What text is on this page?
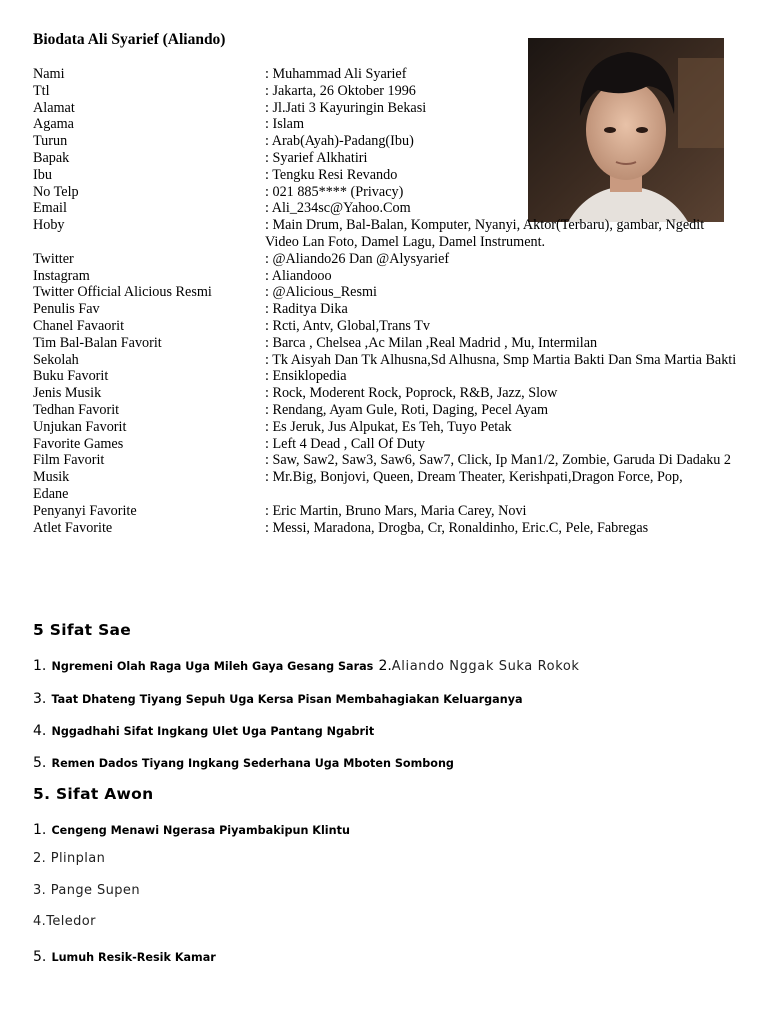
Biodata Ali Syarief (Aliando)
Nami	: Muhammad Ali Syarief
Ttl	: Jakarta, 26 Oktober 1996
Alamat	: Jl.Jati 3 Kayuringin Bekasi
Agama	: Islam
Turun	: Arab(Ayah)-Padang(Ibu)
Bapak	: Syarief Alkhatiri
Ibu	: Tengku Resi Revando
No Telp	: 021 885**** (Privacy)
Email	: Ali_234sc@Yahoo.Com
Hoby	: Main Drum, Bal-Balan, Komputer, Nyanyi, Aktor(Terbaru), gambar, Ngedit Video Lan Foto, Damel Lagu, Damel Instrument.
Twitter	: @Aliando26 Dan @Alysyarief
Instagram	: Aliandooo
Twitter Official Alicious Resmi	: @Alicious_Resmi
Penulis Fav	: Raditya Dika
Chanel Favaorit	: Rcti, Antv, Global,Trans Tv
Tim Bal-Balan Favorit	: Barca , Chelsea ,Ac Milan ,Real Madrid , Mu, Intermilan
Sekolah	: Tk Aisyah Dan Tk Alhusna,Sd Alhusna, Smp Martia Bakti Dan Sma Martia Bakti
Buku Favorit	: Ensiklopedia
Jenis Musik	: Rock, Moderent Rock, Poprock, R&B, Jazz, Slow
Tedhan Favorit	: Rendang, Ayam Gule, Roti, Daging, Pecel Ayam
Unjukan Favorit	: Es Jeruk, Jus Alpukat, Es Teh, Tuyo Petak
Favorite Games	: Left 4 Dead , Call Of Duty
Film Favorit	: Saw, Saw2, Saw3, Saw6, Saw7, Click, Ip Man1/2, Zombie, Garuda Di Dadaku 2
Musik	: Mr.Big, Bonjovi, Queen, Dream Theater, Kerishpati,Dragon Force, Pop,
Edane
Penyanyi Favorite	: Eric Martin, Bruno Mars, Maria Carey, Novi
Atlet Favorite	: Messi, Maradona, Drogba, Cr, Ronaldinho, Eric.C, Pele, Fabregas
5 Sifat Sae
1. Ngremeni Olah Raga Uga Mileh Gaya Gesang Saras 2.Aliando Nggak Suka Rokok
3. Taat Dhateng Tiyang Sepuh Uga Kersa Pisan Membahagiakan Keluarganya
4. Nggadhahi Sifat Ingkang Ulet Uga Pantang Ngabrit
5. Remen Dados Tiyang Ingkang Sederhana Uga Mboten Sombong
5. Sifat Awon
1. Cengeng Menawi Ngerasa Piyambakipun Klintu
2. Plinplan
3. Pange Supen
4.Teledor
5. Lumuh Resik-Resik Kamar
